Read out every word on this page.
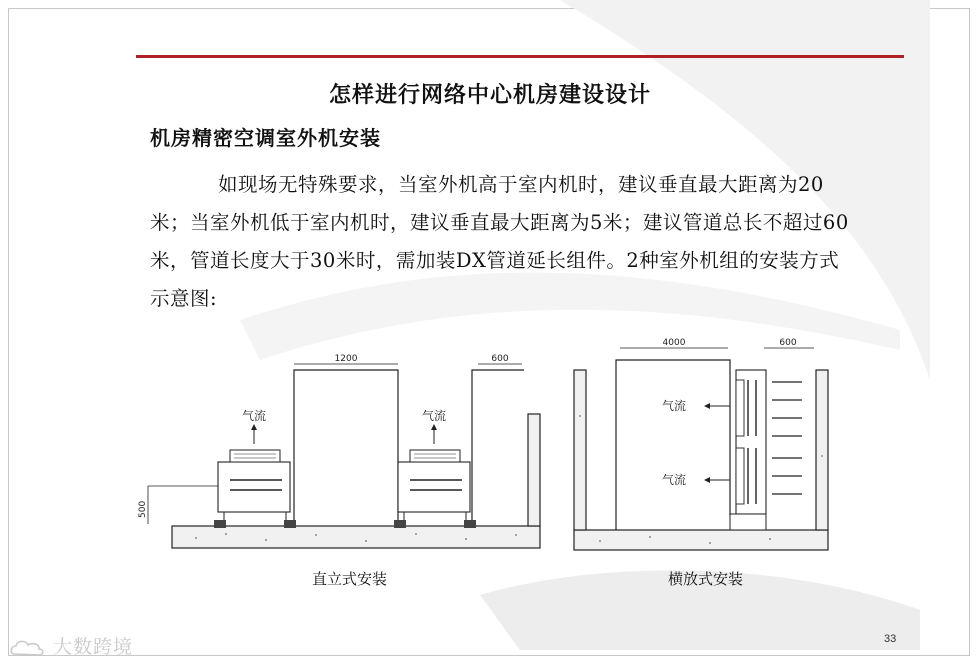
怎样进行网络中心机房建设设计
机房精密空调室外机安装
如现场无特殊要求，当室外机高于室内机时，建议垂直最大距离为20米；当室外机低于室内机时，建议垂直最大距离为5米；建议管道总长不超过60米，管道长度大于30米时，需加装DX管道延长组件。2种室外机组的安装方式示意图:
1200	600
500
气流	气流
直立式安装
4000	600
气流
气流
横放式安装
33
大数跨境
